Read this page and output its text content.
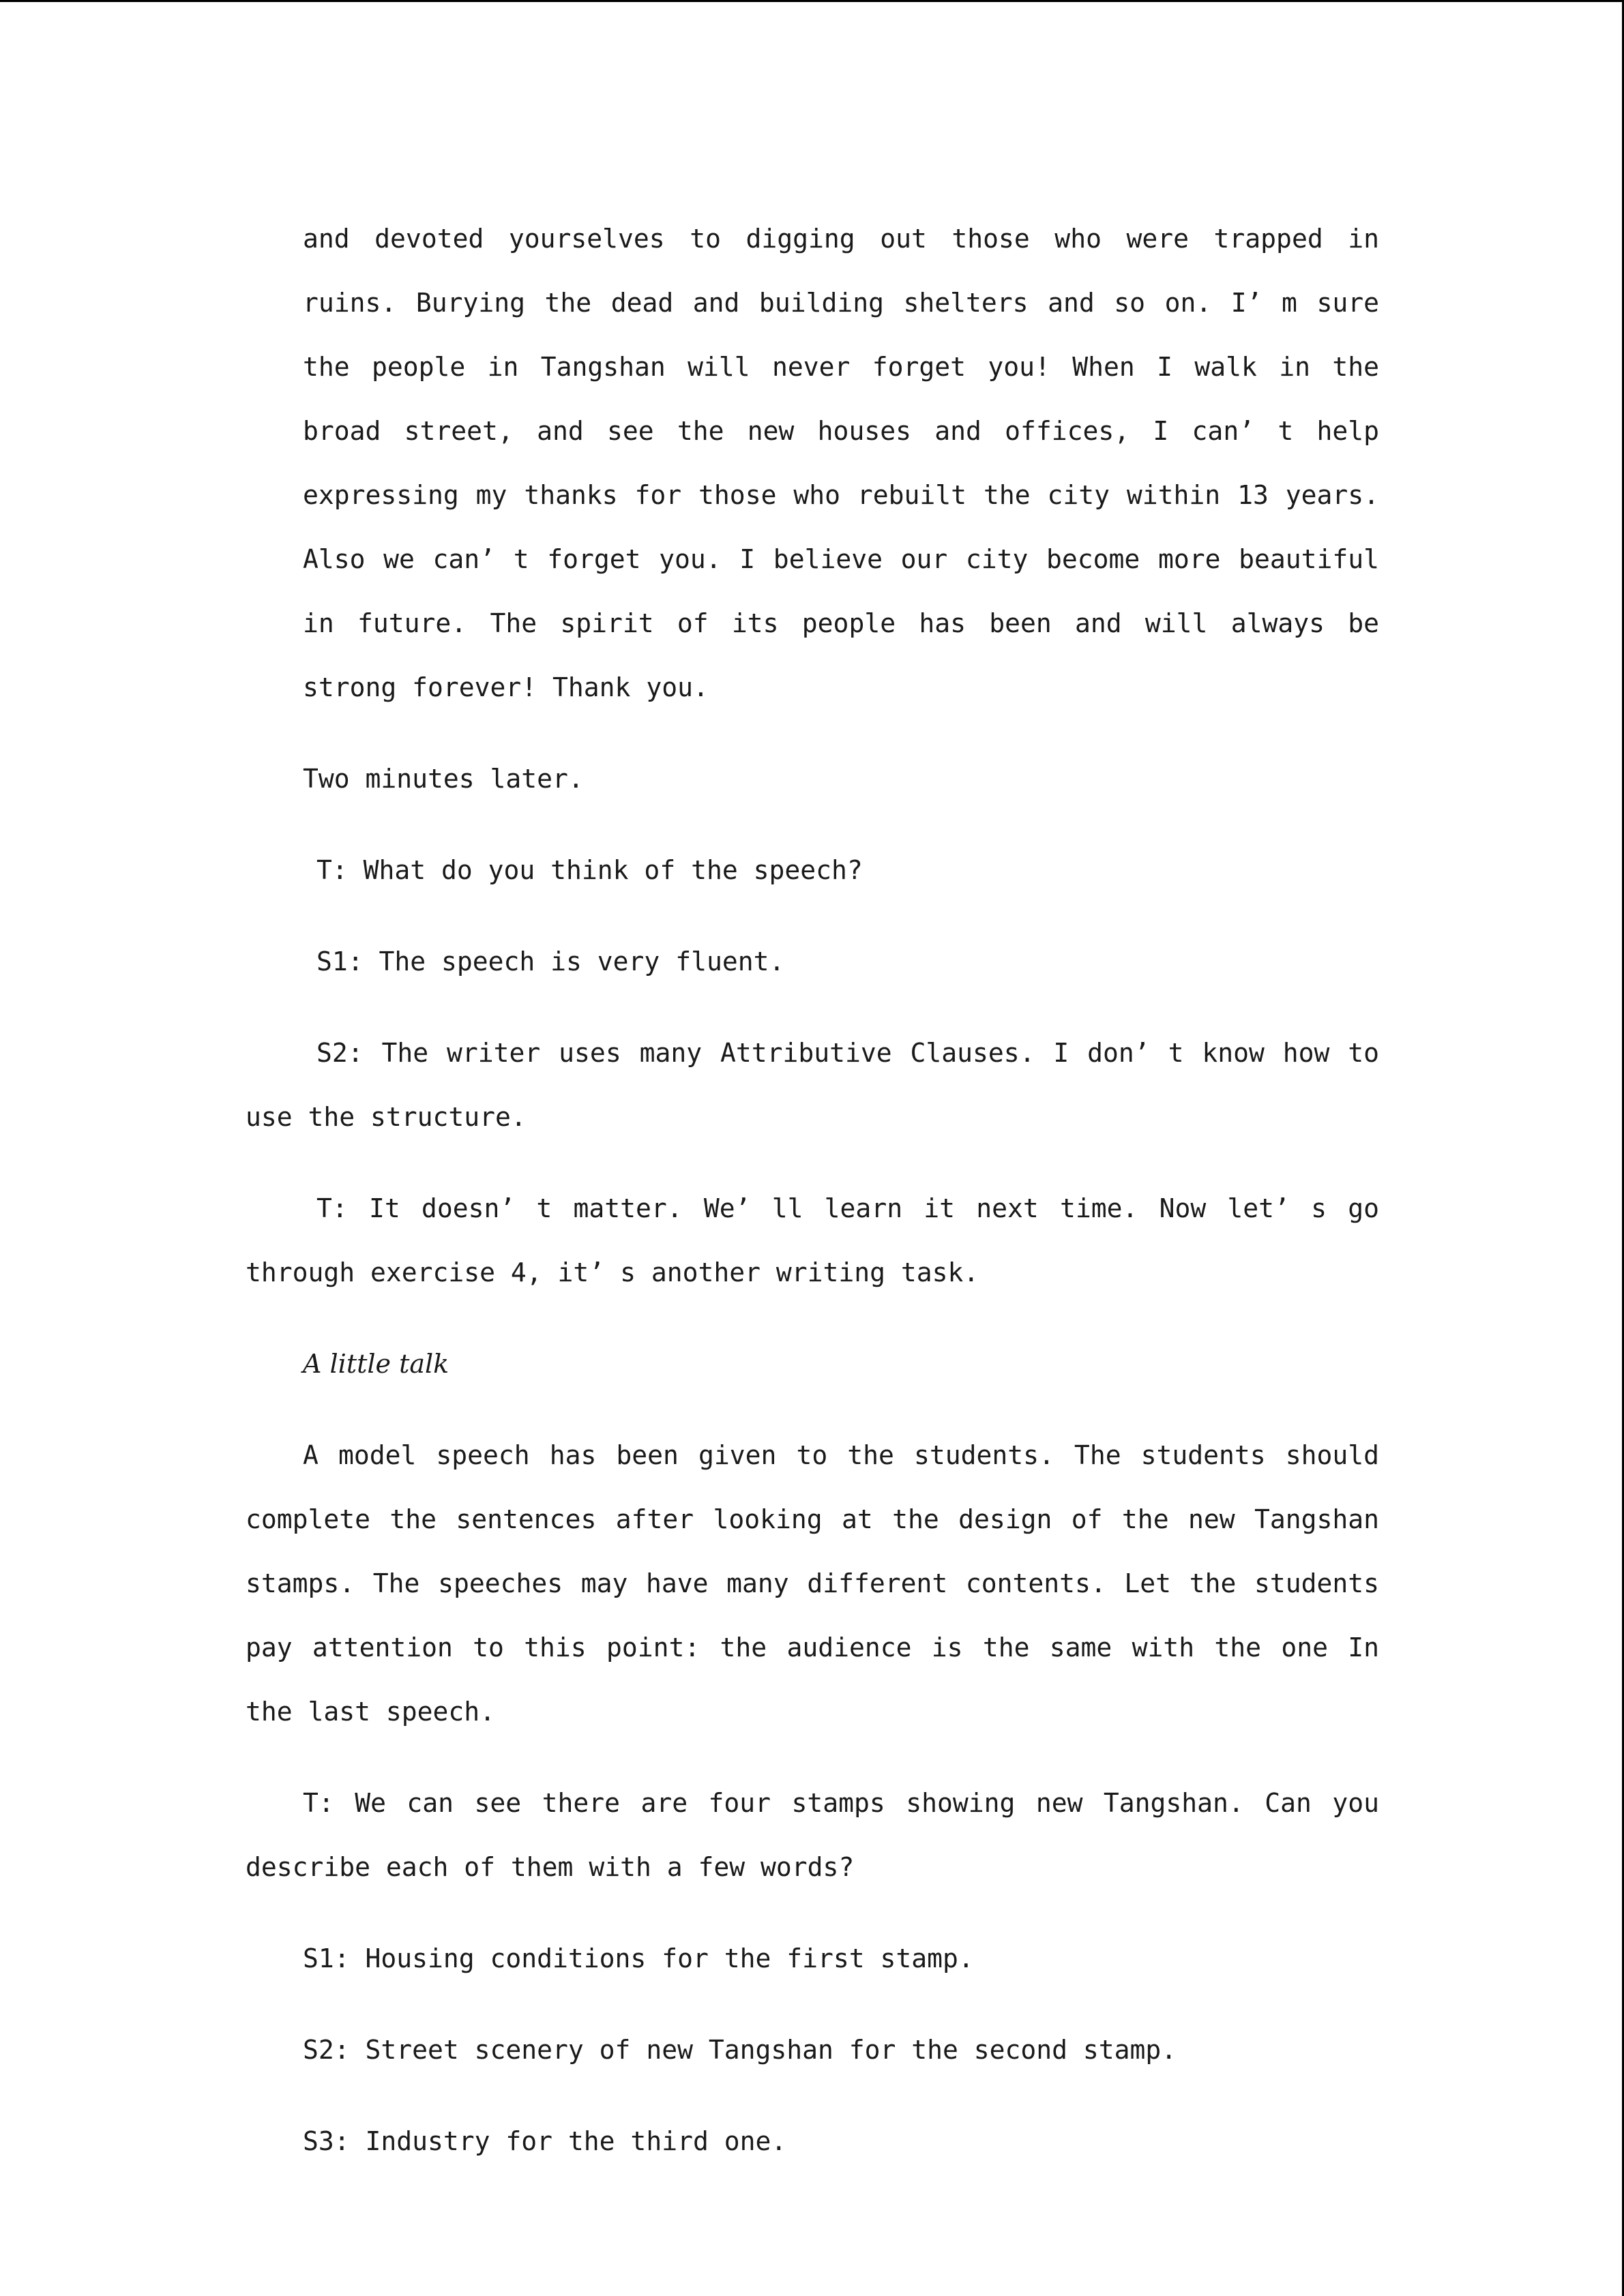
and devoted yourselves to digging out those who were trapped in ruins. Burying the dead and building shelters and so on. I’ m sure the people in Tangshan will never forget you! When I walk in the broad street, and see the new houses and offices, I can’ t help expressing my thanks for those who rebuilt the city within 13 years. Also we can’ t forget you. I believe our city become more beautiful in future. The spirit of its people has been and will always be strong forever! Thank you.

Two minutes later.

T: What do you think of the speech?

S1: The speech is very fluent.

S2: The writer uses many Attributive Clauses. I don’ t know how to use the structure.

T: It doesn’ t matter. We’ ll learn it next time. Now let’ s go through exercise 4, it’ s another writing task.

A little talk

A model speech has been given to the students. The students should complete the sentences after looking at the design of the new Tangshan stamps. The speeches may have many different contents. Let the students pay attention to this point: the audience is the same with the one In the last speech.

T: We can see there are four stamps showing new Tangshan. Can you describe each of them with a few words?

S1: Housing conditions for the first stamp.

S2: Street scenery of new Tangshan for the second stamp.

S3: Industry for the third one.
